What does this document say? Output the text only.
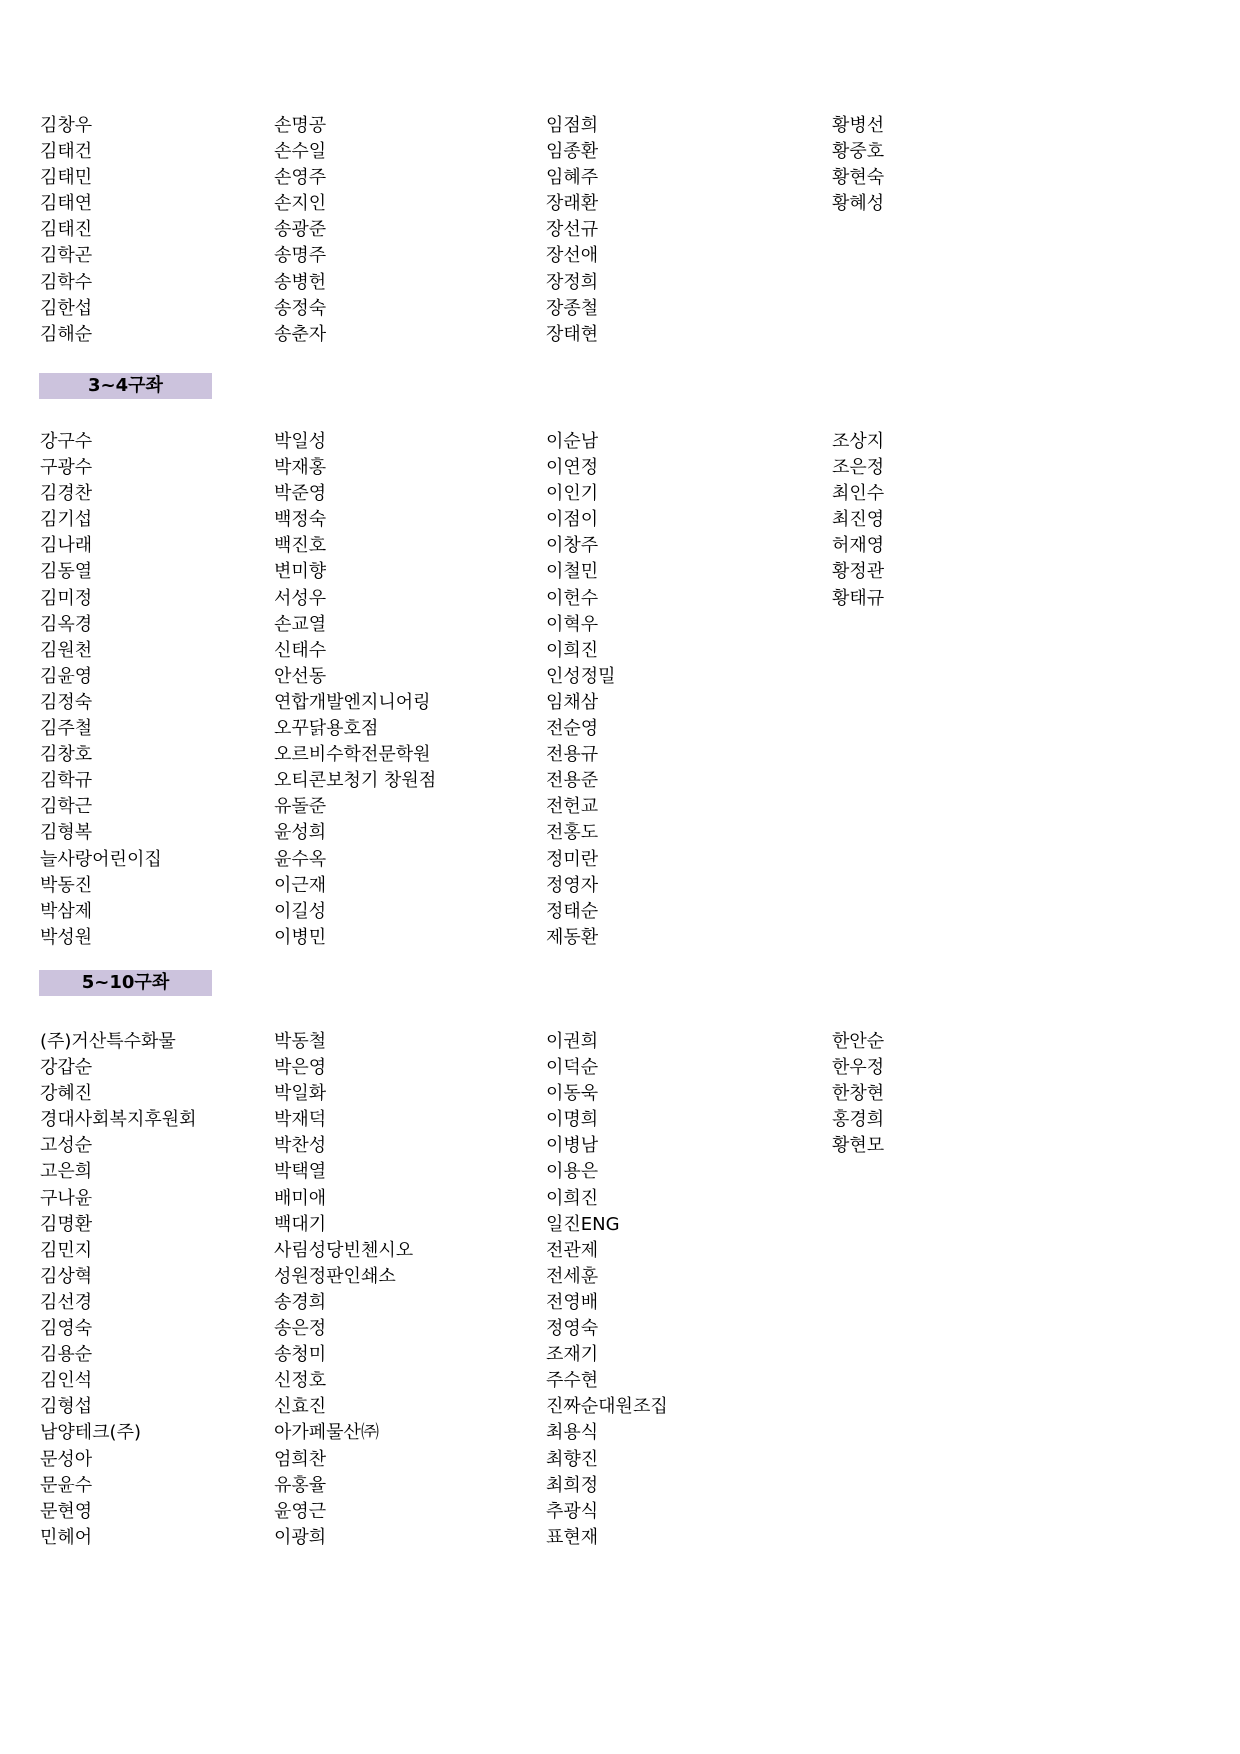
김창우
김태건
김태민
김태연
김태진
김학곤
김학수
김한섭
김해순
손명공
손수일
손영주
손지인
송광준
송명주
송병헌
송정숙
송춘자
임점희
임종환
임혜주
장래환
장선규
장선애
장정희
장종철
장태현
황병선
황중호
황현숙
황혜성
3~4구좌
강구수
구광수
김경찬
김기섭
김나래
김동열
김미정
김옥경
김원천
김윤영
김정숙
김주철
김창호
김학규
김학근
김형복
늘사랑어린이집
박동진
박삼제
박성원
박일성
박재홍
박준영
백정숙
백진호
변미향
서성우
손교열
신태수
안선동
연합개발엔지니어링
오꾸닭용호점
오르비수학전문학원
오티콘보청기 창원점
유돌준
윤성희
윤수옥
이근재
이길성
이병민
이순남
이연정
이인기
이점이
이창주
이철민
이헌수
이혁우
이희진
인성정밀
임채삼
전순영
전용규
전용준
전헌교
전홍도
정미란
정영자
정태순
제동환
조상지
조은정
최인수
최진영
허재영
황정관
황태규
5~10구좌
(주)거산특수화물
강갑순
강혜진
경대사회복지후원회
고성순
고은희
구나윤
김명환
김민지
김상혁
김선경
김영숙
김용순
김인석
김형섭
남양테크(주)
문성아
문윤수
문현영
민헤어
박동철
박은영
박일화
박재덕
박찬성
박택열
배미애
백대기
사림성당빈첸시오
성원정판인쇄소
송경희
송은정
송청미
신정호
신효진
아가페물산㈜
엄희찬
유홍율
윤영근
이광희
이권희
이덕순
이동욱
이명희
이병남
이용은
이희진
일진ENG
전관제
전세훈
전영배
정영숙
조재기
주수현
진짜순대원조집
최용식
최향진
최희정
추광식
표현재
한안순
한우정
한창현
홍경희
황현모
